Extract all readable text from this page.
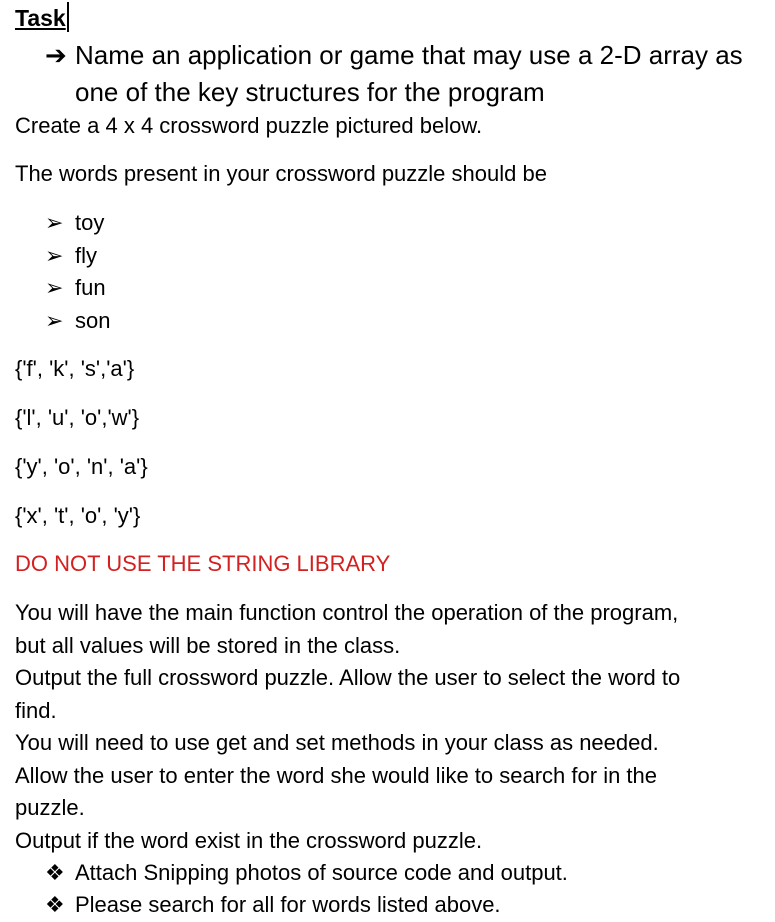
Task
➔ Name an application or game that may use a 2-D array as
one of the key structures for the program
Create a 4 x 4 crossword puzzle pictured below.
The words present in your crossword puzzle should be
➢ toy
➢ fly
➢ fun
➢ son
{'f', 'k', 's','a'}
{'l', 'u', 'o','w'}
{'y', 'o', 'n', 'a'}
{'x', 't', 'o', 'y'}
DO NOT USE THE STRING LIBRARY
You will have the main function control the operation of the program,
but all values will be stored in the class.
Output the full crossword puzzle. Allow the user to select the word to
find.
You will need to use get and set methods in your class as needed.
Allow the user to enter the word she would like to search for in the
puzzle.
Output if the word exist in the crossword puzzle.
❖ Attach Snipping photos of source code and output.
❖ Please search for all for words listed above.
